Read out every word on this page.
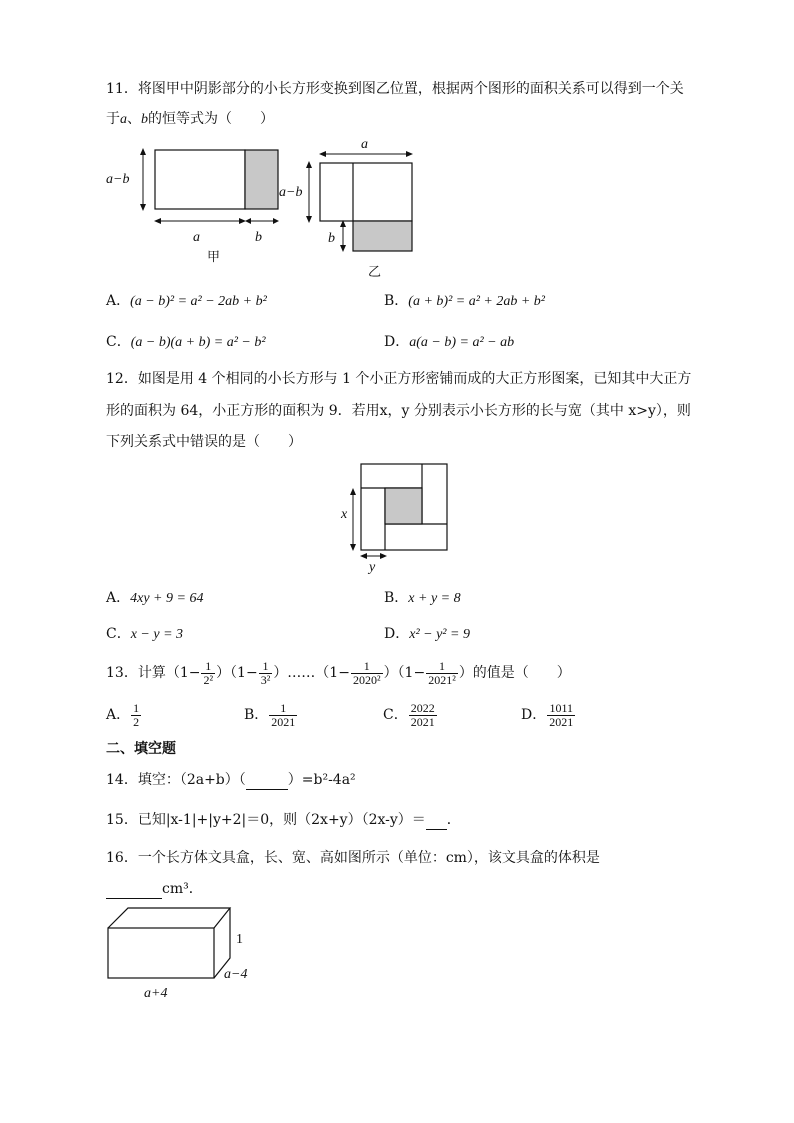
11．将图甲中阴影部分的小长方形变换到图乙位置，根据两个图形的面积关系可以得到一个关
于a、b的恒等式为（　　）
a−b
a	b
甲
a
a−b
b
乙
A．(a − b)² = a² − 2ab + b²	B．(a + b)² = a² + 2ab + b²
C．(a − b)(a + b) = a² − b²	D．a(a − b) = a² − ab
12．如图是用 4 个相同的小长方形与 1 个小正方形密铺而成的大正方形图案，已知其中大正方
形的面积为 64，小正方形的面积为 9．若用x，y 分别表示小长方形的长与宽（其中 x>y），则
下列关系式中错误的是（　　）
x
y
A．4xy + 9 = 64	B．x + y = 8
C．x − y = 3	D．x² − y² = 9
13．计算$(1- \frac{1}{\text{2²}} )(1- \frac{1}{\text{3²}}$ ）……（1− $\frac{1}{\text{2020²}} )(1- \frac{1}{\text{2021²}}$ ）的值是（　　）
A． $\frac{1}{2}$	B． $\frac{1}{2021}$	C． $\frac{2022}{2021}$	D． $\frac{1011}{2021}$
二、填空题
14．填空：（2a+b）（	）=b²-4a²
15．已知|x-1|+|y+2|＝0，则（2x+y）（2x-y）＝ ．
16．一个长方体文具盒，长、宽、高如图所示（单位：cm），该文具盒的体积是
cm³．
1
a−4
a+4
